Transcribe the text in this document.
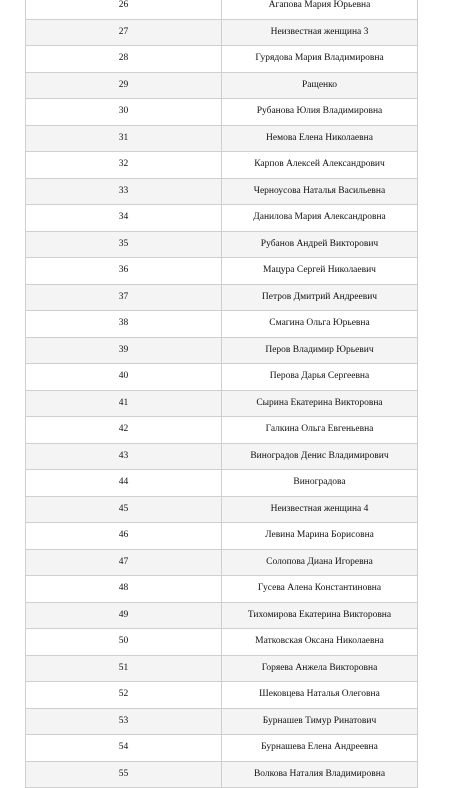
26	Агапова Мария Юрьевна
27	Неизвестная женщина 3
28	Гурядова Мария Владимировна
29	Ращенко
30	Рубанова Юлия Владимировна
31	Немова Елена Николаевна
32	Карпов Алексей Александрович
33	Черноусова Наталья Васильевна
34	Данилова Мария Александровна
35	Рубанов Андрей Викторович
36	Мацура Сергей Николаевич
37	Петров Дмитрий Андреевич
38	Смагина Ольга Юрьевна
39	Перов Владимир Юрьевич
40	Перова Дарья Сергеевна
41	Сырина Екатерина Викторовна
42	Галкина Ольга Евгеньевна
43	Виноградов Денис Владимирович
44	Виноградова
45	Неизвестная женщина 4
46	Левина Марина Борисовна
47	Солопова Диана Игоревна
48	Гусева Алена Константиновна
49	Тихомирова Екатерина Викторовна
50	Матковская Оксана Николаевна
51	Горяева Анжела Викторовна
52	Шековцева Наталья Олеговна
53	Бурнашев Тимур Ринатович
54	Бурнашева Елена Андреевна
55	Волкова Наталия Владимировна
